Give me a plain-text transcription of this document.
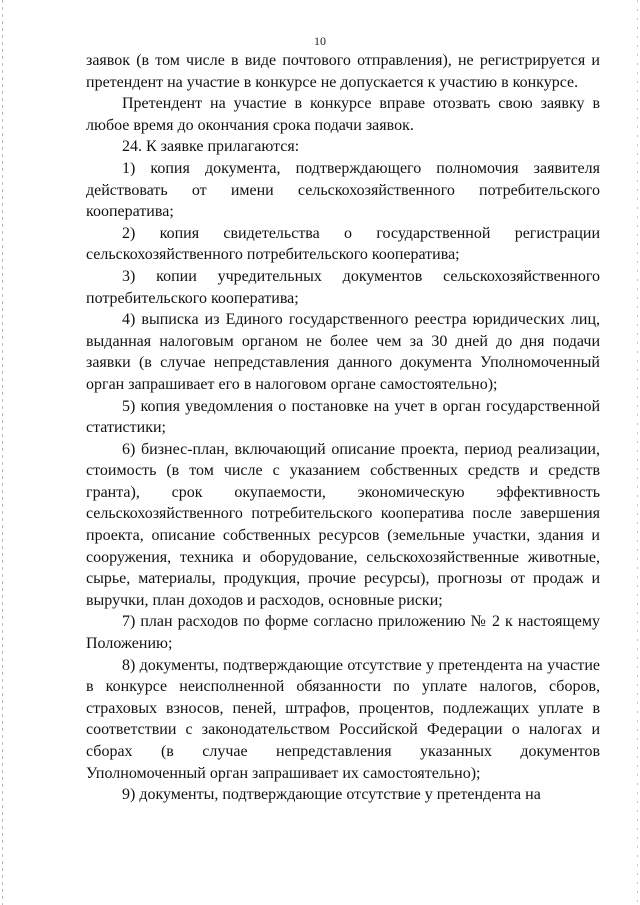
10

заявок (в том числе в виде почтового отправления), не регистрируется и претендент на участие в конкурсе не допускается к участию в конкурсе.

Претендент на участие в конкурсе вправе отозвать свою заявку в любое время до окончания срока подачи заявок.

24. К заявке прилагаются:

1) копия документа, подтверждающего полномочия заявителя действовать от имени сельскохозяйственного потребительского кооператива;

2) копия свидетельства о государственной регистрации сельскохозяйственного потребительского кооператива;

3) копии учредительных документов сельскохозяйственного потребительского кооператива;

4) выписка из Единого государственного реестра юридических лиц, выданная налоговым органом не более чем за 30 дней до дня подачи заявки (в случае непредставления данного документа Уполномоченный орган запрашивает его в налоговом органе самостоятельно);

5) копия уведомления о постановке на учет в орган государственной статистики;

6) бизнес-план, включающий описание проекта, период реализации, стоимость (в том числе с указанием собственных средств и средств гранта), срок окупаемости, экономическую эффективность сельскохозяйственного потребительского кооператива после завершения проекта, описание собственных ресурсов (земельные участки, здания и сооружения, техника и оборудование, сельскохозяйственные животные, сырье, материалы, продукция, прочие ресурсы), прогнозы от продаж и выручки, план доходов и расходов, основные риски;

7) план расходов по форме согласно приложению № 2 к настоящему Положению;

8) документы, подтверждающие отсутствие у претендента на участие в конкурсе неисполненной обязанности по уплате налогов, сборов, страховых взносов, пеней, штрафов, процентов, подлежащих уплате в соответствии с законодательством Российской Федерации о налогах и сборах (в случае непредставления указанных документов Уполномоченный орган запрашивает их самостоятельно);

9) документы, подтверждающие отсутствие у претендента на
